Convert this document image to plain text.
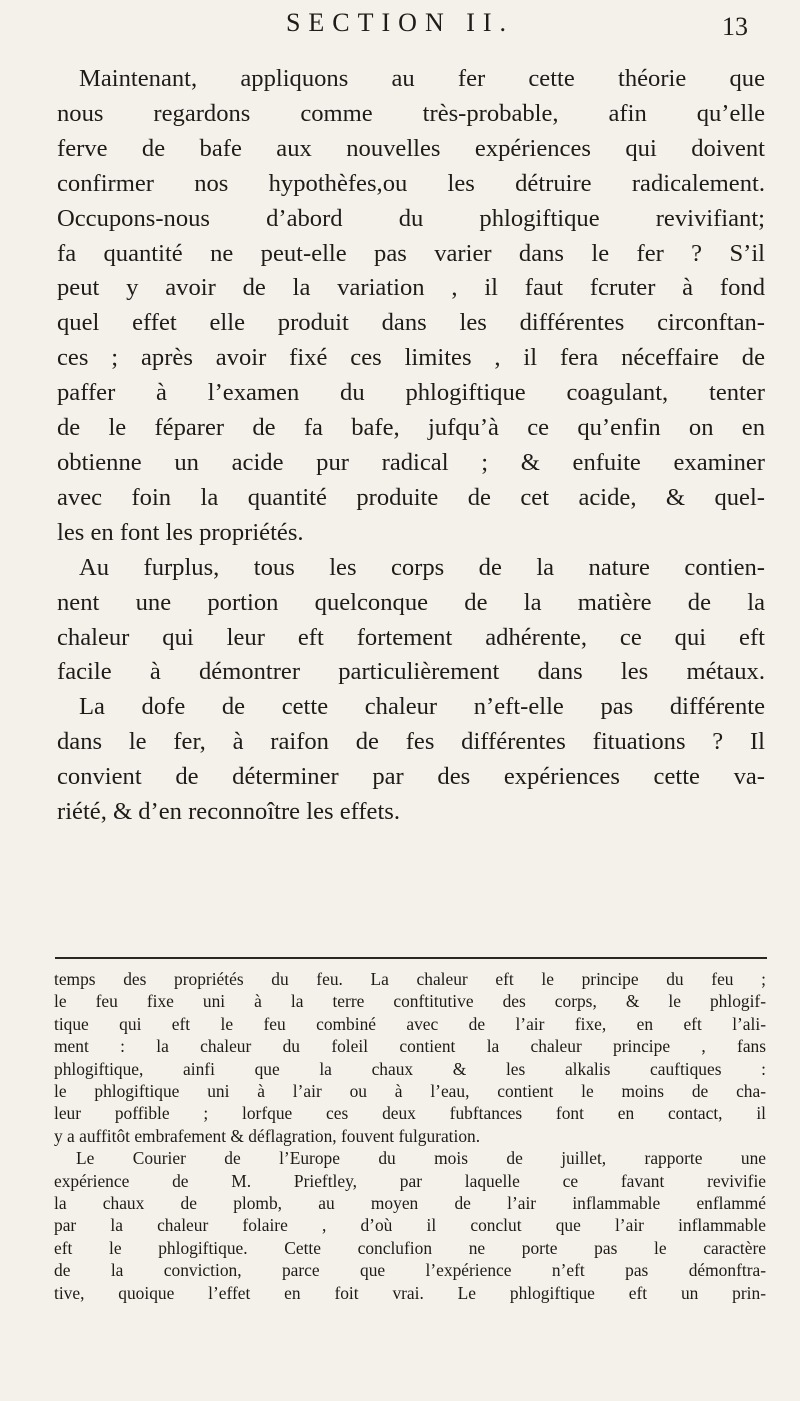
SECTION II.	13
Maintenant, appliquons au fer cette théorie que
nous regardons comme très-probable, afin qu’elle
ferve de bafe aux nouvelles expériences qui doivent
confirmer nos hypothèfes,ou les détruire radicalement.
Occupons-nous d’abord du phlogiftique revivifiant;
fa quantité ne peut-elle pas varier dans le fer ? S’il
peut y avoir de la variation , il faut fcruter à fond
quel effet elle produit dans les différentes circonftan-
ces ; après avoir fixé ces limites , il fera néceffaire de
paffer à l’examen du phlogiftique coagulant, tenter
de le féparer de fa bafe, jufqu’à ce qu’enfin on en
obtienne un acide pur radical ; & enfuite examiner
avec foin la quantité produite de cet acide, & quel-
les en font les propriétés.
Au furplus, tous les corps de la nature contien-
nent une portion quelconque de la matière de la
chaleur qui leur eft fortement adhérente, ce qui eft
facile à démontrer particulièrement dans les métaux.
La dofe de cette chaleur n’eft-elle pas différente
dans le fer, à raifon de fes différentes fituations ? Il
convient de déterminer par des expériences cette va-
riété, & d’en reconnoître les effets.
temps des propriétés du feu. La chaleur eft le principe du feu ;
le feu fixe uni à la terre conftitutive des corps, & le phlogif-
tique qui eft le feu combiné avec de l’air fixe, en eft l’ali-
ment : la chaleur du foleil contient la chaleur principe , fans
phlogiftique, ainfi que la chaux & les alkalis cauftiques :
le phlogiftique uni à l’air ou à l’eau, contient le moins de cha-
leur poffible ; lorfque ces deux fubftances font en contact, il
y a auffitôt embrafement & déflagration, fouvent fulguration.
Le Courier de l’Europe du mois de juillet, rapporte une
expérience de M. Prieftley, par laquelle ce favant revivifie
la chaux de plomb, au moyen de l’air inflammable enflammé
par la chaleur folaire , d’où il conclut que l’air inflammable
eft le phlogiftique. Cette conclufion ne porte pas le caractère
de la conviction, parce que l’expérience n’eft pas démonftra-
tive, quoique l’effet en foit vrai. Le phlogiftique eft un prin-
